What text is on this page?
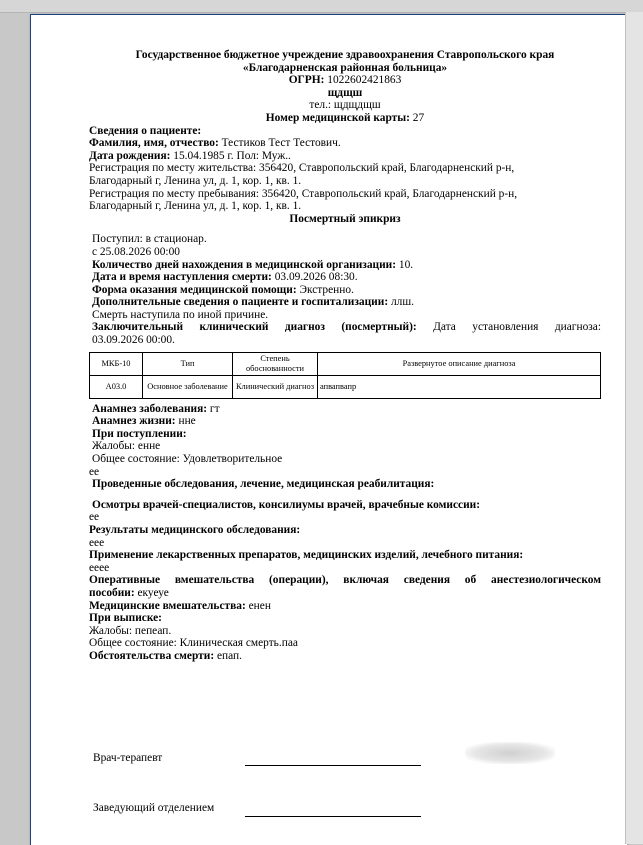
Государственное бюджетное учреждение здравоохранения Ставропольского края
«Благодарненская районная больница»
ОГРН: 1022602421863
щдщш
тел.: щдщдщш
Номер медицинской карты: 27
Сведения о пациенте:
Фамилия, имя, отчество: Тестиков Тест Тестович.
Дата рождения: 15.04.1985 г. Пол: Муж..
Регистрация по месту жительства: 356420, Ставропольский край, Благодарненский р-н,
Благодарный г, Ленина ул, д. 1, кор. 1, кв. 1.
Регистрация по месту пребывания: 356420, Ставропольский край, Благодарненский р-н,
Благодарный г, Ленина ул, д. 1, кор. 1, кв. 1.
Посмертный эпикриз
Поступил: в стационар.
с 25.08.2026 00:00
Количество дней нахождения в медицинской организации: 10.
Дата и время наступления смерти: 03.09.2026 08:30.
Форма оказания медицинской помощи: Экстренно.
Дополнительные сведения о пациенте и госпитализации: ллш.
Смерть наступила по иной причине.
Заключительный клинический диагноз (посмертный): Дата установления диагноза:
03.09.2026 00:00.
МКБ-10	Тип	Степень обоснованности	Развернутое описание диагноза
А03.0	Основное заболевание	Клинический диагноз	апвапвапр
Анамнез заболевания: гт
Анамнез жизни: нне
При поступлении:
Жалобы: енне
Общее состояние: Удовлетворительное
ее
Проведенные обследования, лечение, медицинская реабилитация:
Осмотры врачей-специалистов, консилиумы врачей, врачебные комиссии:
ее
Результаты медицинского обследования:
еее
Применение лекарственных препаратов, медицинских изделий, лечебного питания:
ееее
Оперативные вмешательства (операции), включая сведения об анестезиологическом
пособии: екуеуе
Медицинские вмешательства: енен
При выписке:
Жалобы: пепеап.
Общее состояние: Клиническая смерть.паа
Обстоятельства смерти: епап.
Врач-терапевт
Заведующий отделением
